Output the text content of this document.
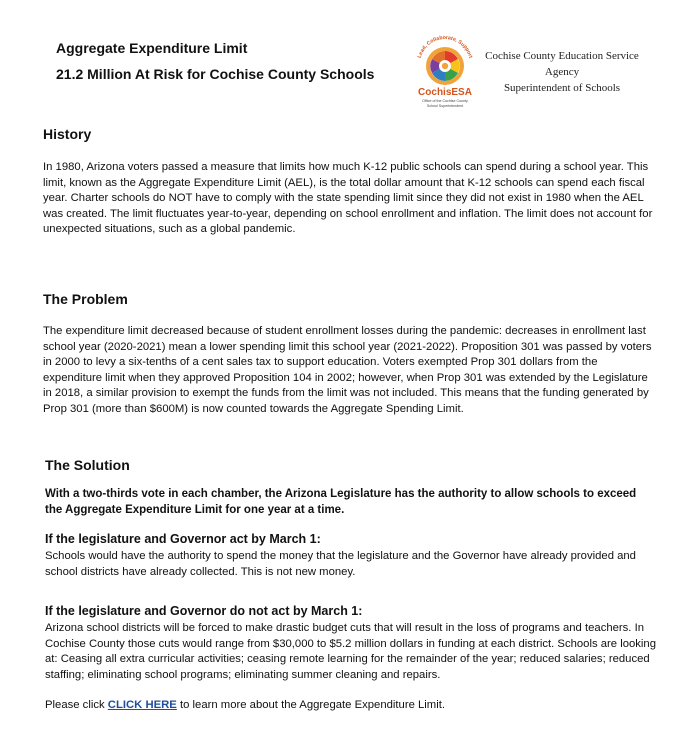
Aggregate Expenditure Limit
21.2 Million At Risk for Cochise County Schools
Lead, Collaborate, Support
CochisESA
Office of the Cochise County
School Superintendent
Cochise County Education Service Agency
Superintendent of Schools
History
In 1980, Arizona voters passed a measure that limits how much K-12 public schools can spend during a school year. This limit, known as the Aggregate Expenditure Limit (AEL), is the total dollar amount that K-12 schools can spend each fiscal year. Charter schools do NOT have to comply with the state spending limit since they did not exist in 1980 when the AEL was created. The limit fluctuates year-to-year, depending on school enrollment and inflation. The limit does not account for unexpected situations, such as a global pandemic.
The Problem
The expenditure limit decreased because of student enrollment losses during the pandemic: decreases in enrollment last school year (2020-2021) mean a lower spending limit this school year (2021-2022). Proposition 301 was passed by voters in 2000 to levy a six-tenths of a cent sales tax to support education. Voters exempted Prop 301 dollars from the expenditure limit when they approved Proposition 104 in 2002; however, when Prop 301 was extended by the Legislature in 2018, a similar provision to exempt the funds from the limit was not included. This means that the funding generated by Prop 301 (more than $600M) is now counted towards the Aggregate Spending Limit.
The Solution
With a two-thirds vote in each chamber, the Arizona Legislature has the authority to allow schools to exceed the Aggregate Expenditure Limit for one year at a time.
If the legislature and Governor act by March 1:
Schools would have the authority to spend the money that the legislature and the Governor have already provided and school districts have already collected. This is not new money.
If the legislature and Governor do not act by March 1:
Arizona school districts will be forced to make drastic budget cuts that will result in the loss of programs and teachers. In Cochise County those cuts would range from $30,000 to $5.2 million dollars in funding at each district. Schools are looking at: Ceasing all extra curricular activities; ceasing remote learning for the remainder of the year; reduced salaries; reduced staffing; eliminating school programs; eliminating summer cleaning and repairs.
Please click CLICK HERE to learn more about the Aggregate Expenditure Limit.
